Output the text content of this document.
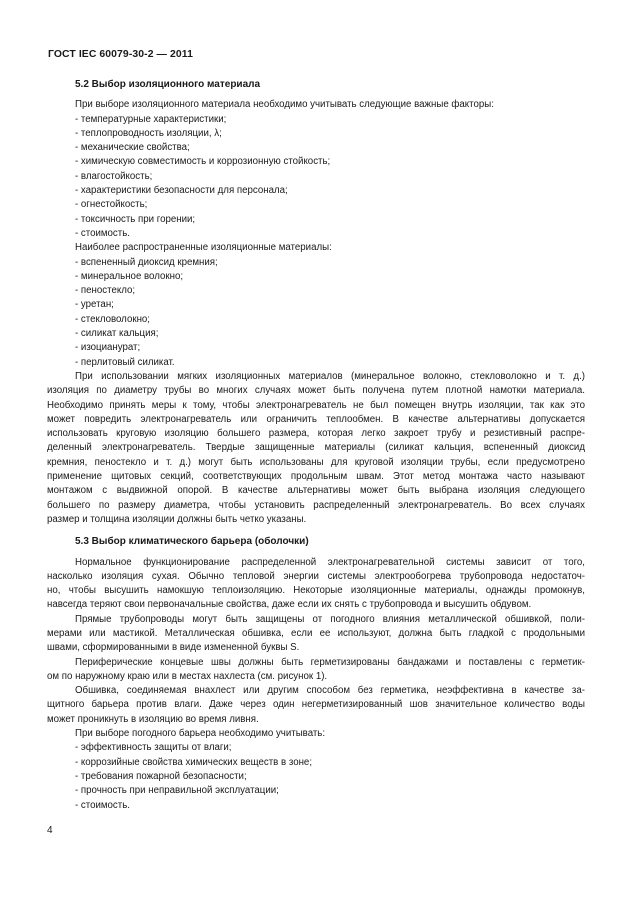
ГОСТ IEC 60079-30-2 — 2011
5.2 Выбор изоляционного материала
При выборе изоляционного материала необходимо учитывать следующие важные факторы:
- температурные характеристики;
- теплопроводность изоляции, λ;
- механические свойства;
- химическую совместимость и коррозионную стойкость;
- влагостойкость;
- характеристики безопасности для персонала;
- огнестойкость;
- токсичность при горении;
- стоимость.
Наиболее распространенные изоляционные материалы:
- вспененный диоксид кремния;
- минеральное волокно;
- пеностекло;
- уретан;
- стекловолокно;
- силикат кальция;
- изоцианурат;
- перлитовый силикат.
При использовании мягких изоляционных материалов (минеральное волокно, стекловолокно и т. д.)
изоляция по диаметру трубы во многих случаях может быть получена путем плотной намотки материала.
Необходимо принять меры к тому, чтобы электронагреватель не был помещен внутрь изоляции, так как это
может повредить электронагреватель или ограничить теплообмен. В качестве альтернативы допускается
использовать круговую изоляцию большего размера, которая легко закроет трубу и резистивный распре-
деленный электронагреватель. Твердые защищенные материалы (силикат кальция, вспененный диоксид
кремния, пеностекло и т. д.) могут быть использованы для круговой изоляции трубы, если предусмотрено
применение щитовых секций, соответствующих продольным швам. Этот метод монтажа часто называют
монтажом с выдвижной опорой. В качестве альтернативы может быть выбрана изоляция следующего
большего по размеру диаметра, чтобы установить распределенный электронагреватель. Во всех случаях
размер и толщина изоляции должны быть четко указаны.
5.3 Выбор климатического барьера (оболочки)
Нормальное функционирование распределенной электронагревательной системы зависит от того,
насколько изоляция сухая. Обычно тепловой энергии системы электрообогрева трубопровода недостаточ-
но, чтобы высушить намокшую теплоизоляцию. Некоторые изоляционные материалы, однажды промокнув,
навсегда теряют свои первоначальные свойства, даже если их снять с трубопровода и высушить обдувом.
Прямые трубопроводы могут быть защищены от погодного влияния металлической обшивкой, поли-
мерами или мастикой. Металлическая обшивка, если ее используют, должна быть гладкой с продольными
швами, сформированными в виде измененной буквы S.
Периферические концевые швы должны быть герметизированы бандажами и поставлены с герметик-
ом по наружному краю или в местах нахлеста (см. рисунок 1).
Обшивка, соединяемая внахлест или другим способом без герметика, неэффективна в качестве за-
щитного барьера против влаги. Даже через один негерметизированный шов значительное количество воды
может проникнуть в изоляцию во время ливня.
При выборе погодного барьера необходимо учитывать:
- эффективность защиты от влаги;
- коррозийные свойства химических веществ в зоне;
- требования пожарной безопасности;
- прочность при неправильной эксплуатации;
- стоимость.
4
